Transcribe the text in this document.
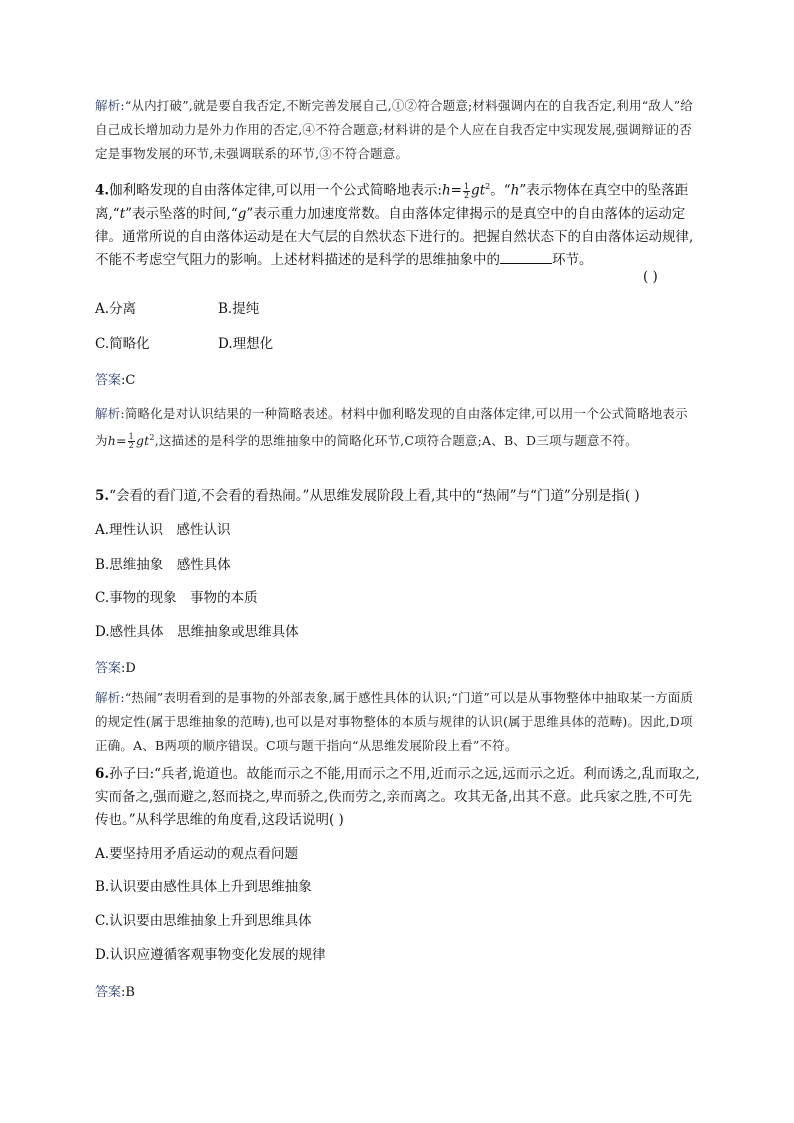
解析:“从内打破”,就是要自我否定,不断完善发展自己,①②符合题意;材料强调内在的自我否定,利用“敌人”给自己成长增加动力是外力作用的否定,④不符合题意;材料讲的是个人应在自我否定中实现发展,强调辩证的否定是事物发展的环节,未强调联系的环节,③不符合题意。
4.伽利略发现的自由落体定律,可以用一个公式简略地表示:h= $\frac{1}{2} gt^2$。“h”表示物体在真空中的坠落距离,“t”表示坠落的时间,“g”表示重力加速度常数。自由落体定律揭示的是真空中的自由落体的运动定律。通常所说的自由落体运动是在大气层的自然状态下进行的。把握自然状态下的自由落体运动规律,不能不考虑空气阻力的影响。上述材料描述的是科学的思维抽象中的	环节。
( )
A.分离	B.提纯
C.简略化	D.理想化
答案:C
解析:简略化是对认识结果的一种简略表述。材料中伽利略发现的自由落体定律,可以用一个公式简略地表示为$h= \frac{1}{2} gt^2$,这描述的是科学的思维抽象中的简略化环节,C项符合题意;A、B、D三项与题意不符。
5.“会看的看门道,不会看的看热闹。”从思维发展阶段上看,其中的“热闹”与“门道”分别是指( )
A.理性认识　感性认识
B.思维抽象　感性具体
C.事物的现象　事物的本质
D.感性具体　思维抽象或思维具体
答案:D
解析:“热闹”表明看到的是事物的外部表象,属于感性具体的认识;“门道”可以是从事物整体中抽取某一方面质的规定性(属于思维抽象的范畴),也可以是对事物整体的本质与规律的认识(属于思维具体的范畴)。因此,D项正确。A、B两项的顺序错误。C项与题干指向“从思维发展阶段上看”不符。
6.孙子曰:“兵者,诡道也。故能而示之不能,用而示之不用,近而示之远,远而示之近。利而诱之,乱而取之,实而备之,强而避之,怒而挠之,卑而骄之,佚而劳之,亲而离之。攻其无备,出其不意。此兵家之胜,不可先传也。”从科学思维的角度看,这段话说明( )
A.要坚持用矛盾运动的观点看问题
B.认识要由感性具体上升到思维抽象
C.认识要由思维抽象上升到思维具体
D.认识应遵循客观事物变化发展的规律
答案:B
